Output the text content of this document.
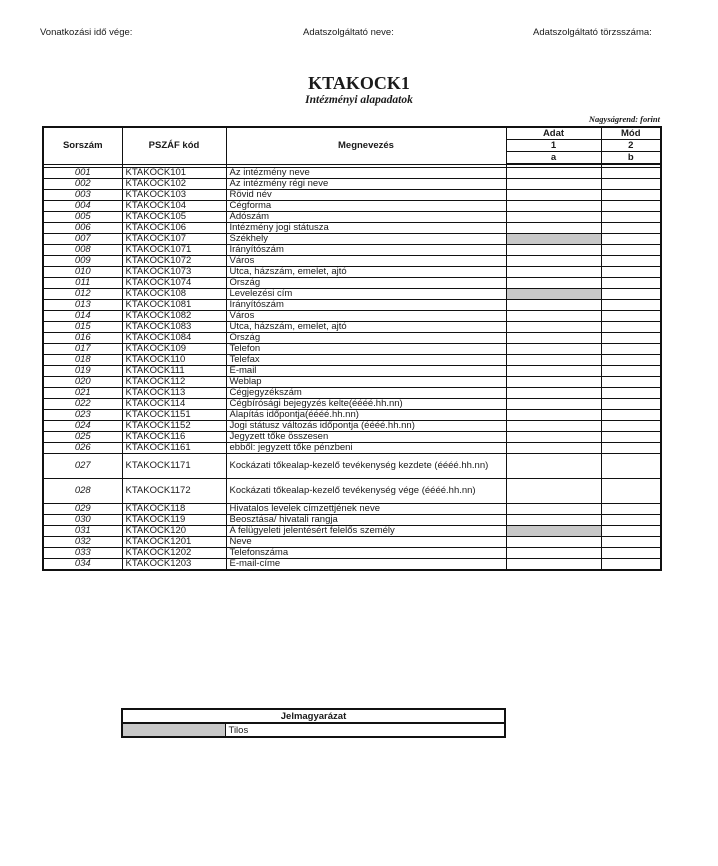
Vonatkozási idő vége:	Adatszolgáltató neve:	Adatszolgáltató törzsszáma:
KTAKOCK1
Intézményi alapadatok
Nagyságrend: forint
Sorszám	PSZÁF kód	Megnevezés	Adat	Mód
			1	2
			a	b

001	KTAKOCK101	Az intézmény neve		
002	KTAKOCK102	Az intézmény régi neve		
003	KTAKOCK103	Rövid név		
004	KTAKOCK104	Cégforma		
005	KTAKOCK105	Adószám		
006	KTAKOCK106	Intézmény jogi státusza		
007	KTAKOCK107	Székhely		
008	KTAKOCK1071	Irányítószám		
009	KTAKOCK1072	Város		
010	KTAKOCK1073	Utca, házszám, emelet, ajtó		
011	KTAKOCK1074	Ország		
012	KTAKOCK108	Levelezési cím		
013	KTAKOCK1081	Irányítószám		
014	KTAKOCK1082	Város		
015	KTAKOCK1083	Utca, házszám, emelet, ajtó		
016	KTAKOCK1084	Ország		
017	KTAKOCK109	Telefon		
018	KTAKOCK110	Telefax		
019	KTAKOCK111	E-mail		
020	KTAKOCK112	Weblap		
021	KTAKOCK113	Cégjegyzékszám		
022	KTAKOCK114	Cégbírósági bejegyzés kelte(éééé.hh.nn)		
023	KTAKOCK1151	Alapítás időpontja(éééé.hh.nn)		
024	KTAKOCK1152	Jogi státusz változás időpontja (éééé.hh.nn)		
025	KTAKOCK116	Jegyzett tőke összesen		
026	KTAKOCK1161	ebből: jegyzett tőke pénzbeni		
027	KTAKOCK1171	Kockázati tőkealap-kezelő tevékenység kezdete (éééé.hh.nn)		
028	KTAKOCK1172	Kockázati tőkealap-kezelő tevékenység vége (éééé.hh.nn)		
029	KTAKOCK118	Hivatalos levelek címzettjének neve		
030	KTAKOCK119	Beosztása/ hivatali rangja		
031	KTAKOCK120	A felügyeleti jelentésért felelős személy		
032	KTAKOCK1201	Neve		
033	KTAKOCK1202	Telefonszáma		
034	KTAKOCK1203	E-mail-címe		
Jelmagyarázat
	Tilos
